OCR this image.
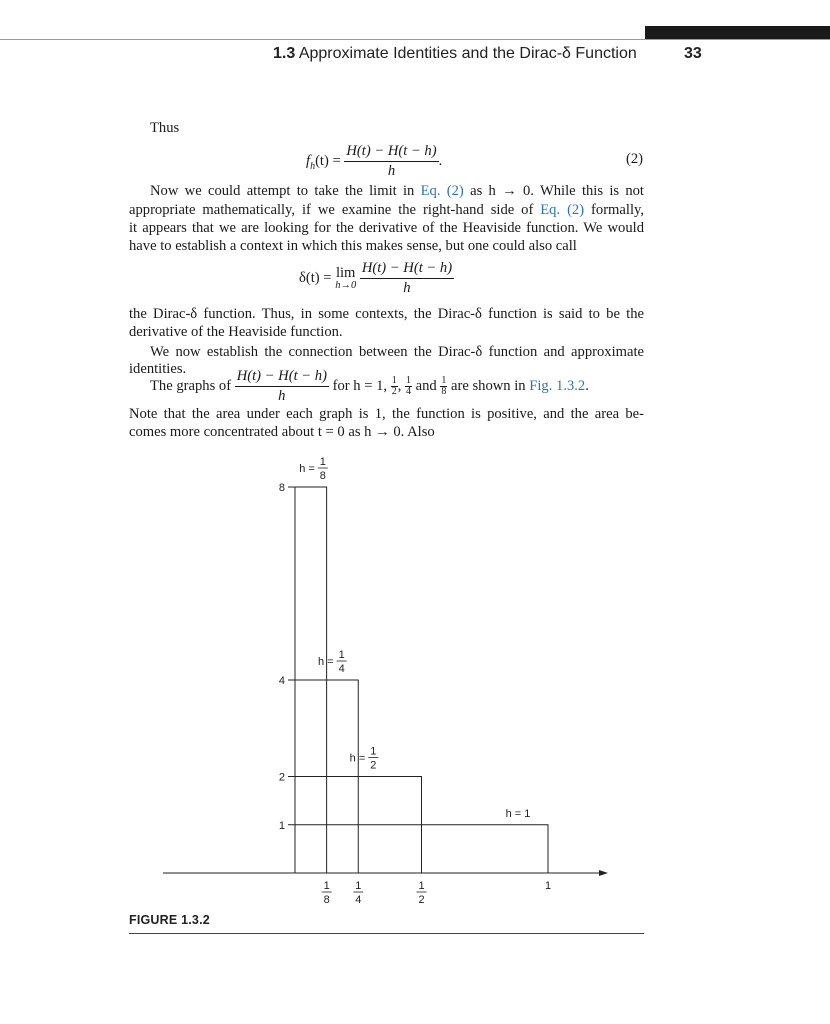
1.3 Approximate Identities and the Dirac-δ Function	33
Thus
$f_h(t) = \frac{H(t) - H(t - h)}{h}$ .	(2)
Now we could attempt to take the limit in Eq. (2) as h → 0. While this is not
appropriate mathematically, if we examine the right-hand side of Eq. (2) formally,
it appears that we are looking for the derivative of the Heaviside function. We would
have to establish a context in which this makes sense, but one could also call
δ(t) = lim
h→0
$\frac{H(t) - H(t - h)}{h}$
the Dirac-δ function. Thus, in some contexts, the Dirac-δ function is said to be the
derivative of the Heaviside function.
We now establish the connection between the Dirac-δ function and approximate
identities.
The graphs of $\frac{H(t) - H(t - h)}{h}$ for h = 1, $\frac{1}{2}$ , $\frac{1}{4}$ and $\frac{1}{8}$ are shown in Fig. 1.3.2.
Note that the area under each graph is 1, the function is positive, and the area be-
comes more concentrated about t = 0 as h → 0. Also
8
4
2
1
h =
1
8
h =
1
4
h =
1
2
h = 1
1
8
1
4
1
2
1
FIGURE 1.3.2
